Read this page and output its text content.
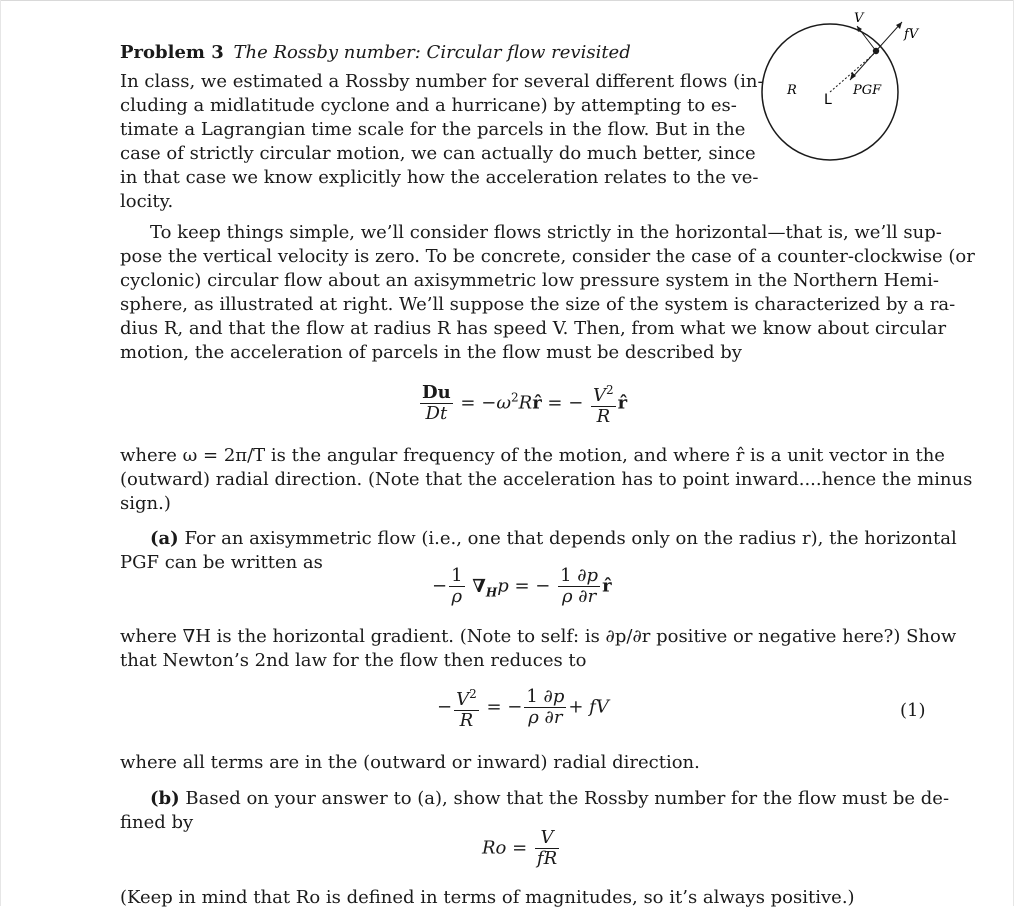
Problem 3 The Rossby number: Circular flow revisited
In class, we estimated a Rossby number for several different flows (in-
cluding a midlatitude cyclone and a hurricane) by attempting to es-
timate a Lagrangian time scale for the parcels in the flow. But in the
case of strictly circular motion, we can actually do much better, since
in that case we know explicitly how the acceleration relates to the ve-
locity.
R
L
PGF
V
fV
To keep things simple, we’ll consider flows strictly in the horizontal—that is, we’ll sup-
pose the vertical velocity is zero. To be concrete, consider the case of a counter-clockwise (or
cyclonic) circular flow about an axisymmetric low pressure system in the Northern Hemi-
sphere, as illustrated at right. We’ll suppose the size of the system is characterized by a ra-
dius R, and that the flow at radius R has speed V. Then, from what we know about circular
motion, the acceleration of parcels in the flow must be described by
$\frac{Du}{Dt}$ = $-\omega^2Rr̂$ = − $\frac{V^2}{R}$ r̂
where ω = 2π/T is the angular frequency of the motion, and where r̂ is a unit vector in the
(outward) radial direction. (Note that the acceleration has to point inward....hence the minus
sign.)
(a) For an axisymmetric flow (i.e., one that depends only on the radius r), the horizontal
PGF can be written as
− $\frac{1}{\rho} \nabla_Hp$ = − $\frac{1 \partial p}{\rho \partial r}$ r̂
where ∇H is the horizontal gradient. (Note to self: is ∂p/∂r positive or negative here?) Show
that Newton’s 2nd law for the flow then reduces to
− $\frac{V^2}{R}$ = − $\frac{1 \partial p}{\rho \partial r}$ + fV	(1)
where all terms are in the (outward or inward) radial direction.
(b) Based on your answer to (a), show that the Rossby number for the flow must be de-
fined by
$Ro = \frac{V}{fR}$
(Keep in mind that Ro is defined in terms of magnitudes, so it’s always positive.)
